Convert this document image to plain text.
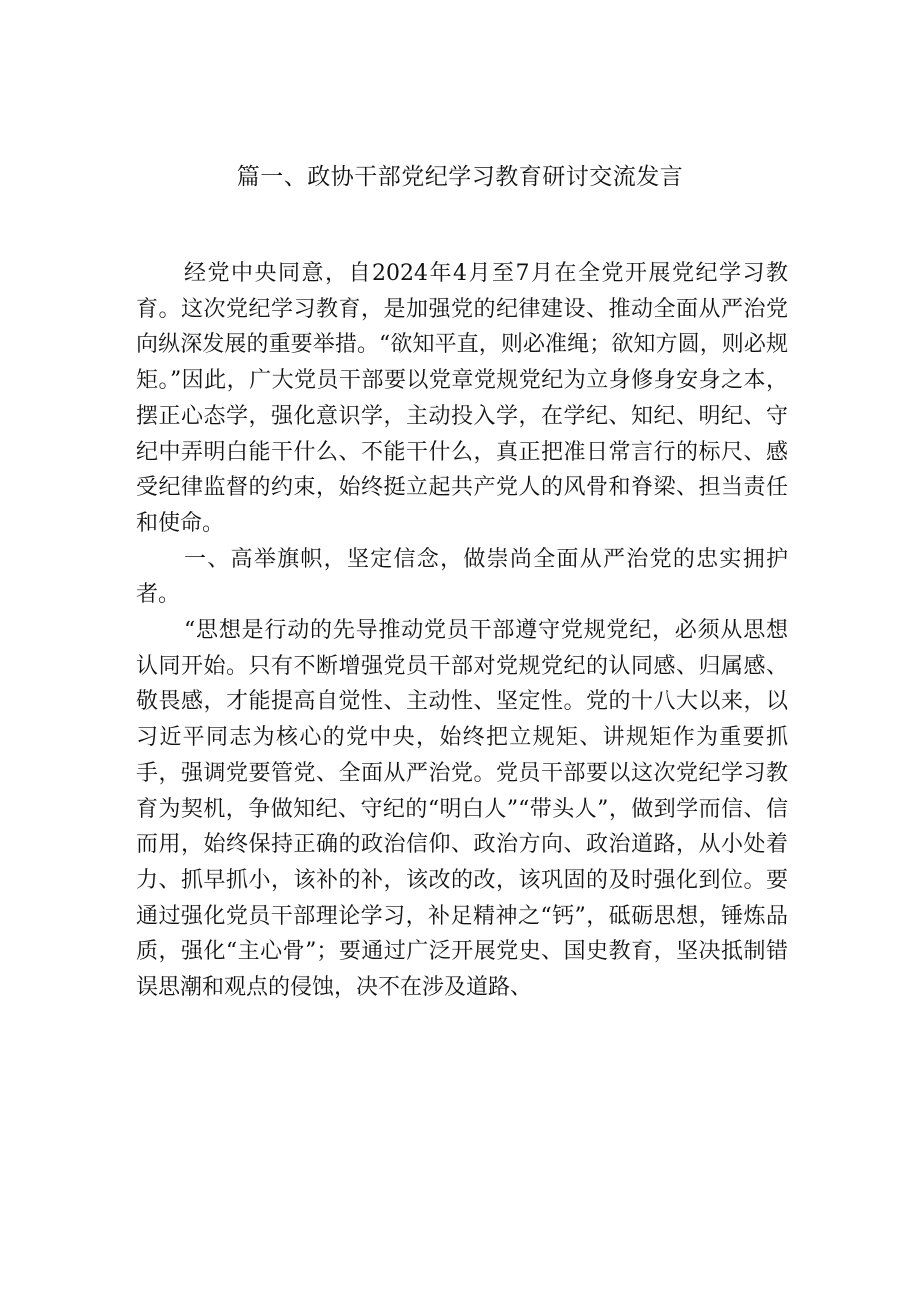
篇一、政协干部党纪学习教育研讨交流发言

经党中央同意，自2024年4月至7月在全党开展党纪学习教育。这次党纪学习教育，是加强党的纪律建设、推动全面从严治党向纵深发展的重要举措。“欲知平直，则必准绳；欲知方圆，则必规矩。”因此，广大党员干部要以党章党规党纪为立身修身安身之本，摆正心态学，强化意识学，主动投入学，在学纪、知纪、明纪、守纪中弄明白能干什么、不能干什么，真正把准日常言行的标尺、感受纪律监督的约束，始终挺立起共产党人的风骨和脊梁、担当责任和使命。

一、高举旗帜，坚定信念，做崇尚全面从严治党的忠实拥护者。

“思想是行动的先导推动党员干部遵守党规党纪，必须从思想认同开始。只有不断增强党员干部对党规党纪的认同感、归属感、敬畏感，才能提高自觉性、主动性、坚定性。党的十八大以来，以习近平同志为核心的党中央，始终把立规矩、讲规矩作为重要抓手，强调党要管党、全面从严治党。党员干部要以这次党纪学习教育为契机，争做知纪、守纪的“明白人”“带头人”，做到学而信、信而用，始终保持正确的政治信仰、政治方向、政治道路，从小处着力、抓早抓小，该补的补，该改的改，该巩固的及时强化到位。要通过强化党员干部理论学习，补足精神之“钙”，砥砺思想，锤炼品质，强化“主心骨”；要通过广泛开展党史、国史教育，坚决抵制错误思潮和观点的侵蚀，决不在涉及道路、
